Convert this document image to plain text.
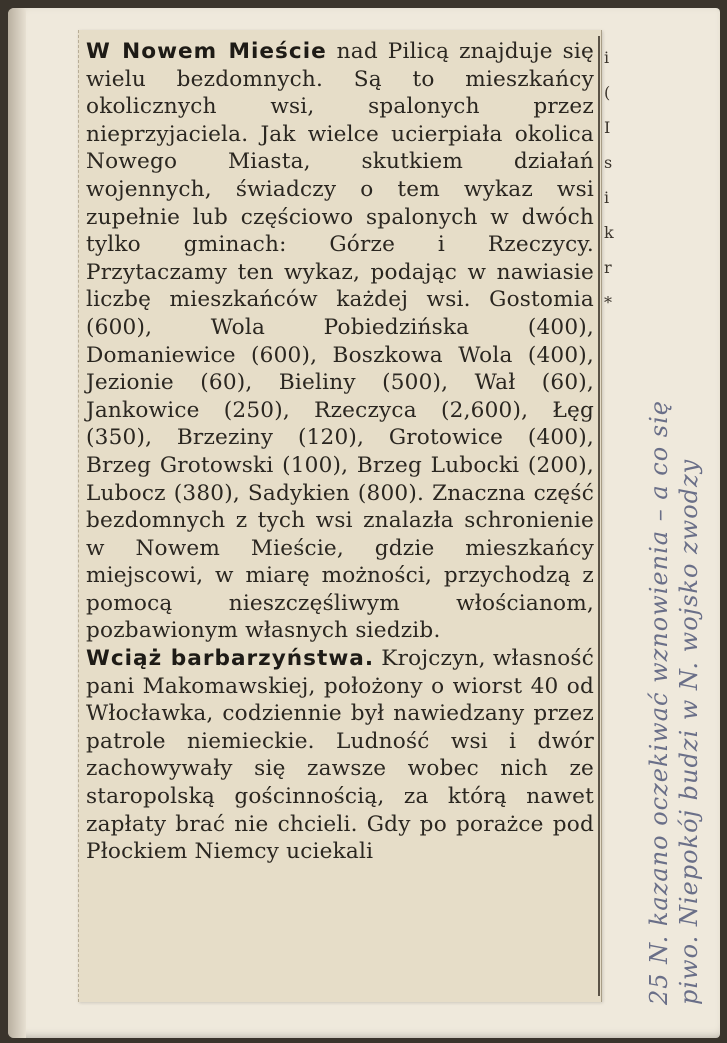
W Nowem Mieście nad Pilicą znajduje się wielu bezdomnych. Są to mieszkańcy okolicznych wsi, spalonych przez nieprzyjaciela. Jak wielce ucierpiała okolica Nowego Miasta, skutkiem działań wojennych, świadczy o tem wykaz wsi zupełnie lub częściowo spalonych w dwóch tylko gminach: Górze i Rzeczycy. Przytaczamy ten wykaz, podając w nawiasie liczbę mieszkańców każdej wsi. Gostomia (600), Wola Pobiedzińska (400), Domaniewice (600), Boszkowa Wola (400), Jezionie (60), Bieliny (500), Wał (60), Jankowice (250), Rzeczyca (2,600), Łęg (350), Brzeziny (120), Grotowice (400), Brzeg Grotowski (100), Brzeg Lubocki (200), Lubocz (380), Sadykien (800). Znaczna część bezdomnych z tych wsi znalazła schronienie w Nowem Mieście, gdzie mieszkańcy miejscowi, w miarę możności, przychodzą z pomocą nieszczęśliwym włościanom, pozbawionym własnych siedzib.

Wciąż barbarzyństwa. Krojczyn, własność pani Makomawskiej, położony o wiorst 40 od Włocławka, codziennie był nawiedzany przez patrole niemieckie. Ludność wsi i dwór zachowywały się zawsze wobec nich ze staropolską gościnnością, za którą nawet zapłaty brać nie chcieli. Gdy po porażce pod Płockiem Niemcy uciekali

i
(
I
s
i
k
r
*
25 N. kazano oczekiwać wznowienia – a co się piwo. Niepokój budzi w N. wojsko zwodzy
